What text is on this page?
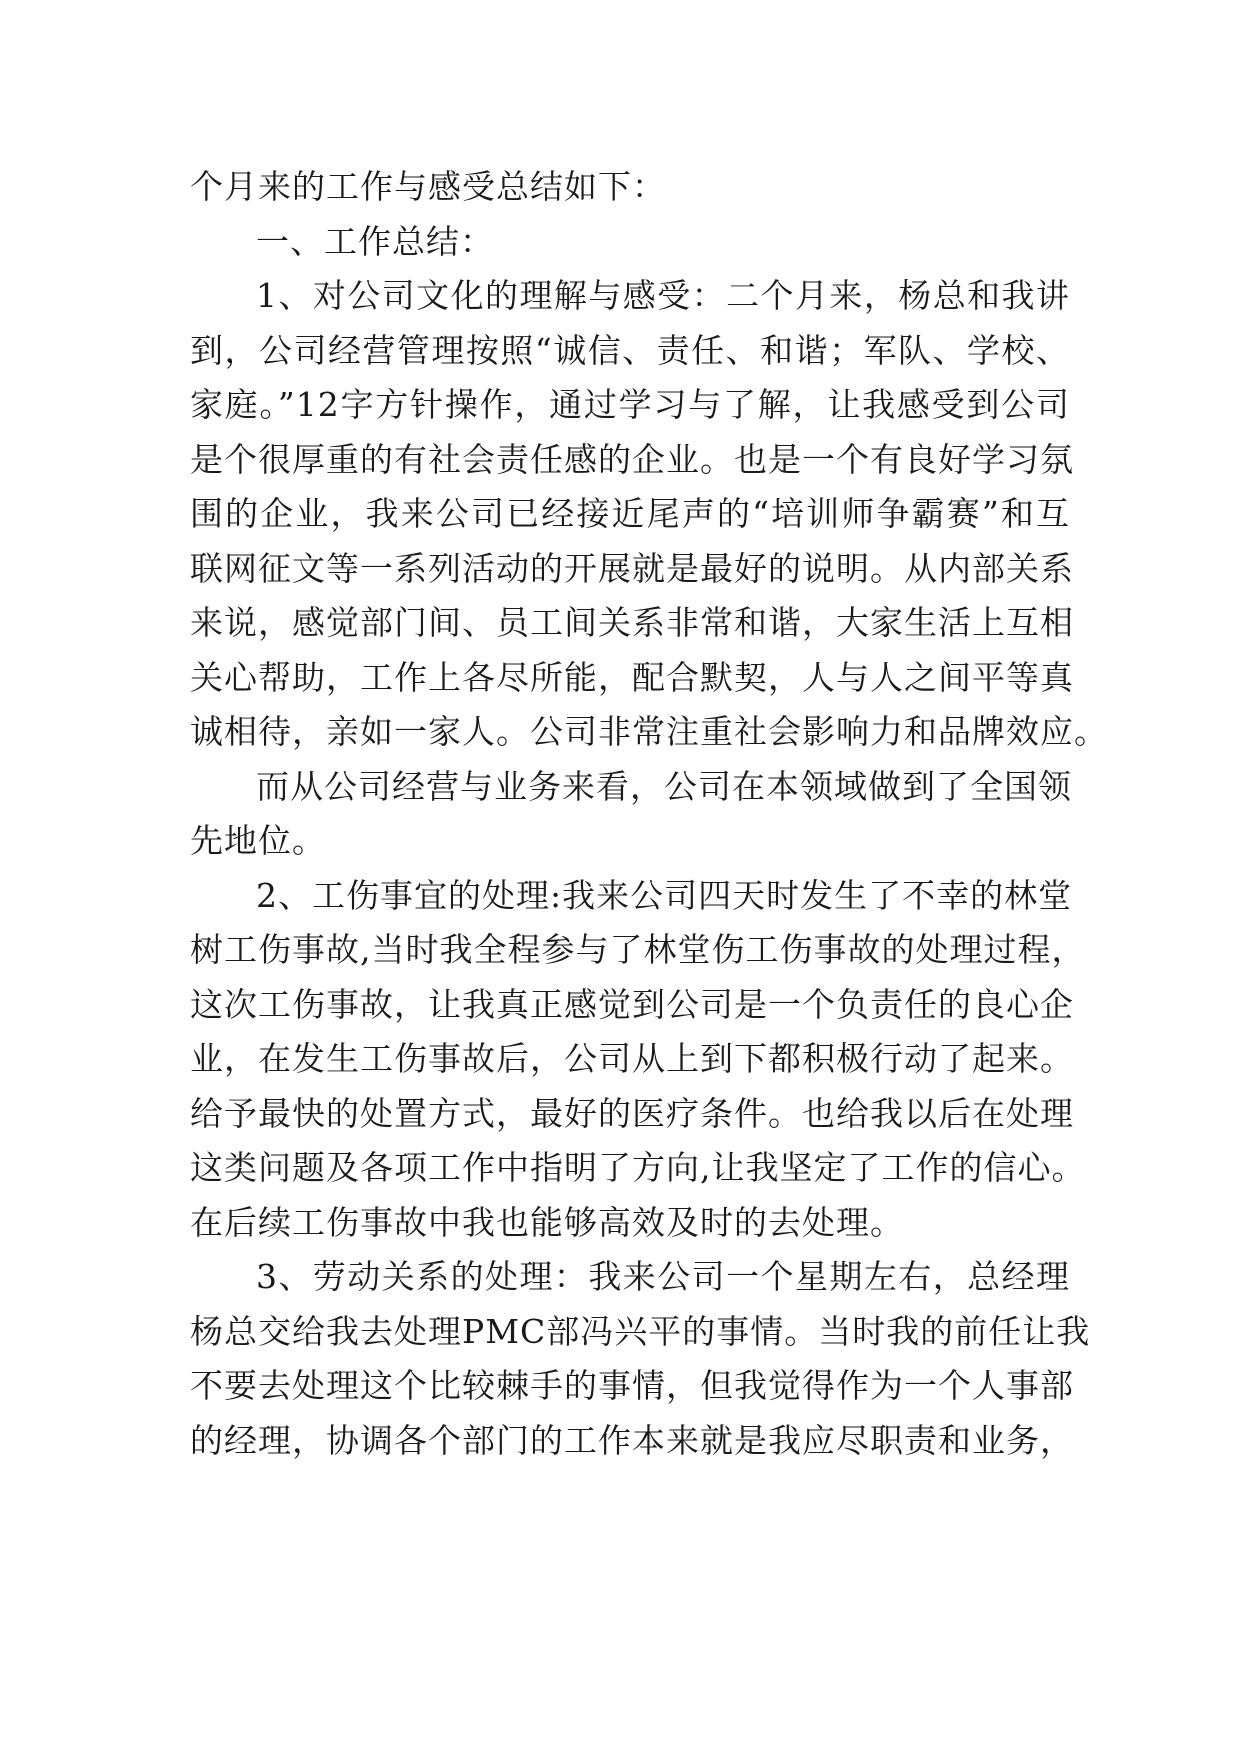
个月来的工作与感受总结如下：
一、工作总结：
1、对公司文化的理解与感受：二个月来，杨总和我讲
到，公司经营管理按照“诚信、责任、和谐；军队、学校、
家庭。”12字方针操作，通过学习与了解，让我感受到公司
是个很厚重的有社会责任感的企业。也是一个有良好学习氛
围的企业，我来公司已经接近尾声的“培训师争霸赛”和互
联网征文等一系列活动的开展就是最好的说明。从内部关系
来说，感觉部门间、员工间关系非常和谐，大家生活上互相
关心帮助，工作上各尽所能，配合默契，人与人之间平等真
诚相待，亲如一家人。公司非常注重社会影响力和品牌效应。
而从公司经营与业务来看，公司在本领域做到了全国领
先地位。
2、工伤事宜的处理:我来公司四天时发生了不幸的林堂
树工伤事故,当时我全程参与了林堂伤工伤事故的处理过程，
这次工伤事故，让我真正感觉到公司是一个负责任的良心企
业，在发生工伤事故后，公司从上到下都积极行动了起来。
给予最快的处置方式，最好的医疗条件。也给我以后在处理
这类问题及各项工作中指明了方向,让我坚定了工作的信心。
在后续工伤事故中我也能够高效及时的去处理。
3、劳动关系的处理：我来公司一个星期左右，总经理
杨总交给我去处理PMC部冯兴平的事情。当时我的前任让我
不要去处理这个比较棘手的事情，但我觉得作为一个人事部
的经理，协调各个部门的工作本来就是我应尽职责和业务，
